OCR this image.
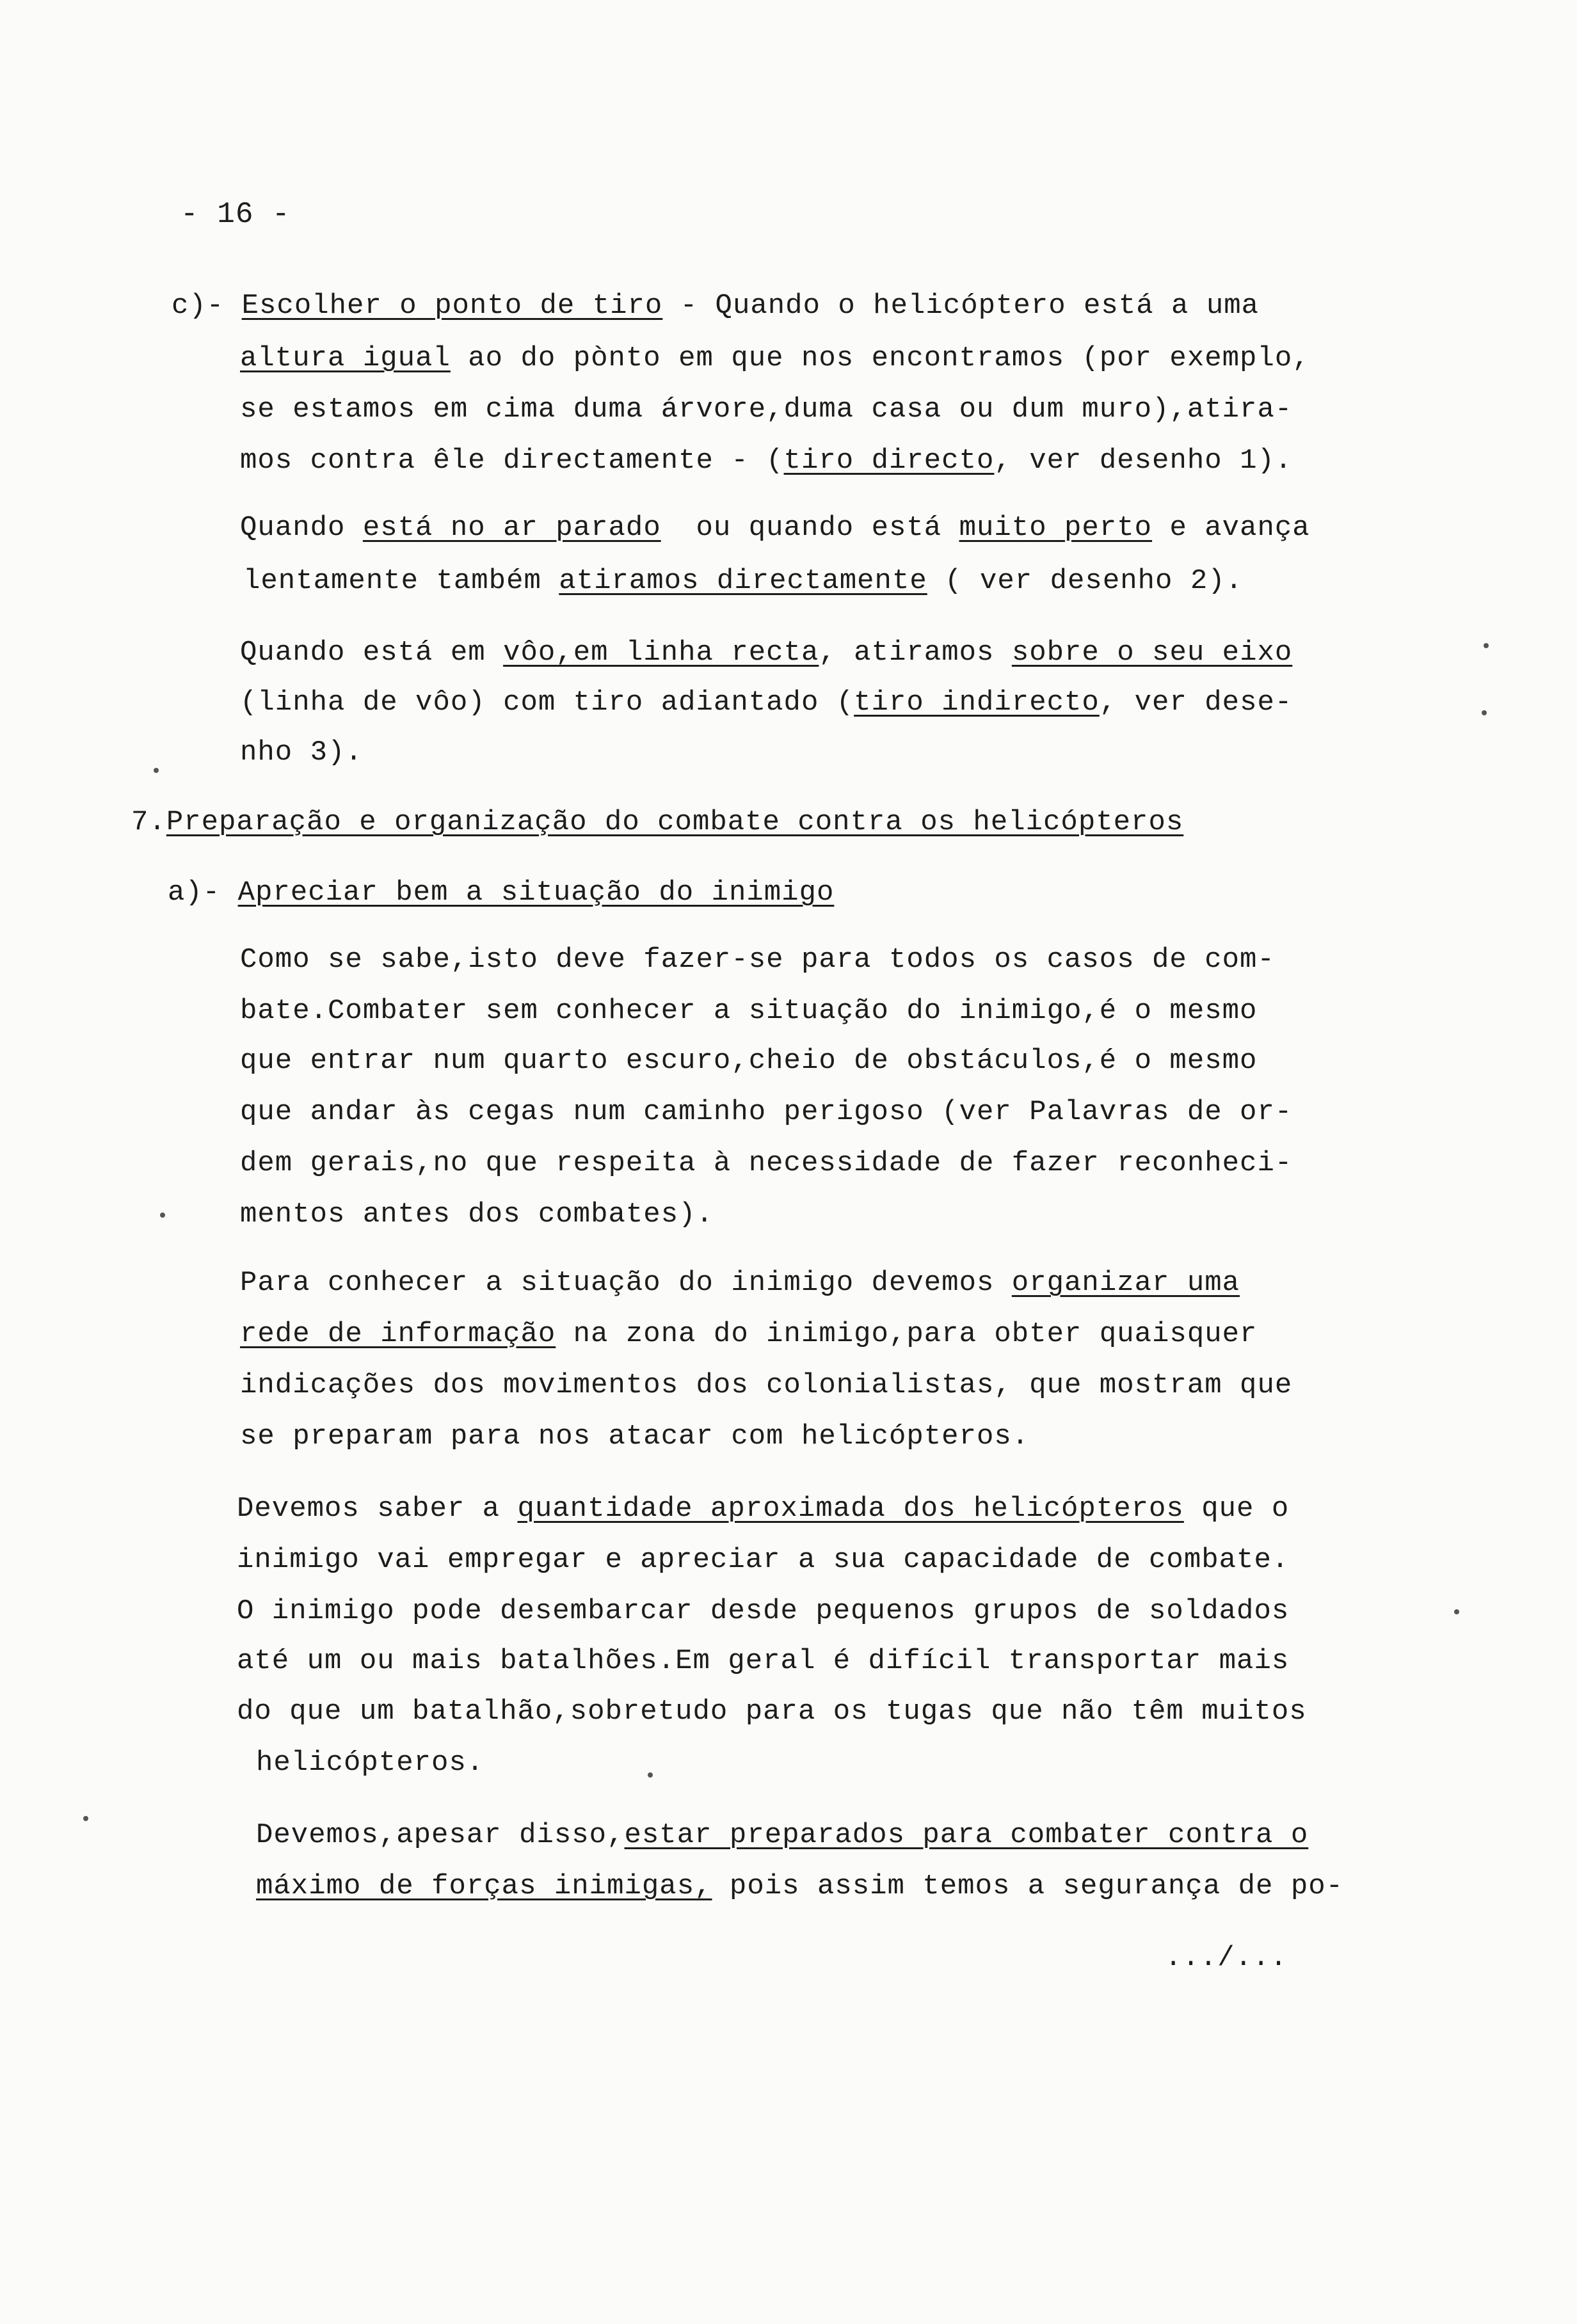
- 16 -
c)- Escolher o ponto de tiro - Quando o helicóptero está a uma
altura igual ao do pònto em que nos encontramos (por exemplo,
se estamos em cima duma árvore,duma casa ou dum muro),atira-
mos contra êle directamente - (tiro directo, ver desenho 1).
Quando está no ar parado  ou quando está muito perto e avança
lentamente também atiramos directamente ( ver desenho 2).
Quando está em vôo,em linha recta, atiramos sobre o seu eixo
(linha de vôo) com tiro adiantado (tiro indirecto, ver dese-
nho 3).
7.Preparação e organização do combate contra os helicópteros
a)- Apreciar bem a situação do inimigo
Como se sabe,isto deve fazer-se para todos os casos de com-
bate.Combater sem conhecer a situação do inimigo,é o mesmo
que entrar num quarto escuro,cheio de obstáculos,é o mesmo
que andar às cegas num caminho perigoso (ver Palavras de or-
dem gerais,no que respeita à necessidade de fazer reconheci-
mentos antes dos combates).
Para conhecer a situação do inimigo devemos organizar uma
rede de informação na zona do inimigo,para obter quaisquer
indicações dos movimentos dos colonialistas, que mostram que
se preparam para nos atacar com helicópteros.
Devemos saber a quantidade aproximada dos helicópteros que o
inimigo vai empregar e apreciar a sua capacidade de combate.
O inimigo pode desembarcar desde pequenos grupos de soldados
até um ou mais batalhões.Em geral é difícil transportar mais
do que um batalhão,sobretudo para os tugas que não têm muitos
helicópteros.
Devemos,apesar disso,estar preparados para combater contra o
máximo de forças inimigas, pois assim temos a segurança de po-
.../...
